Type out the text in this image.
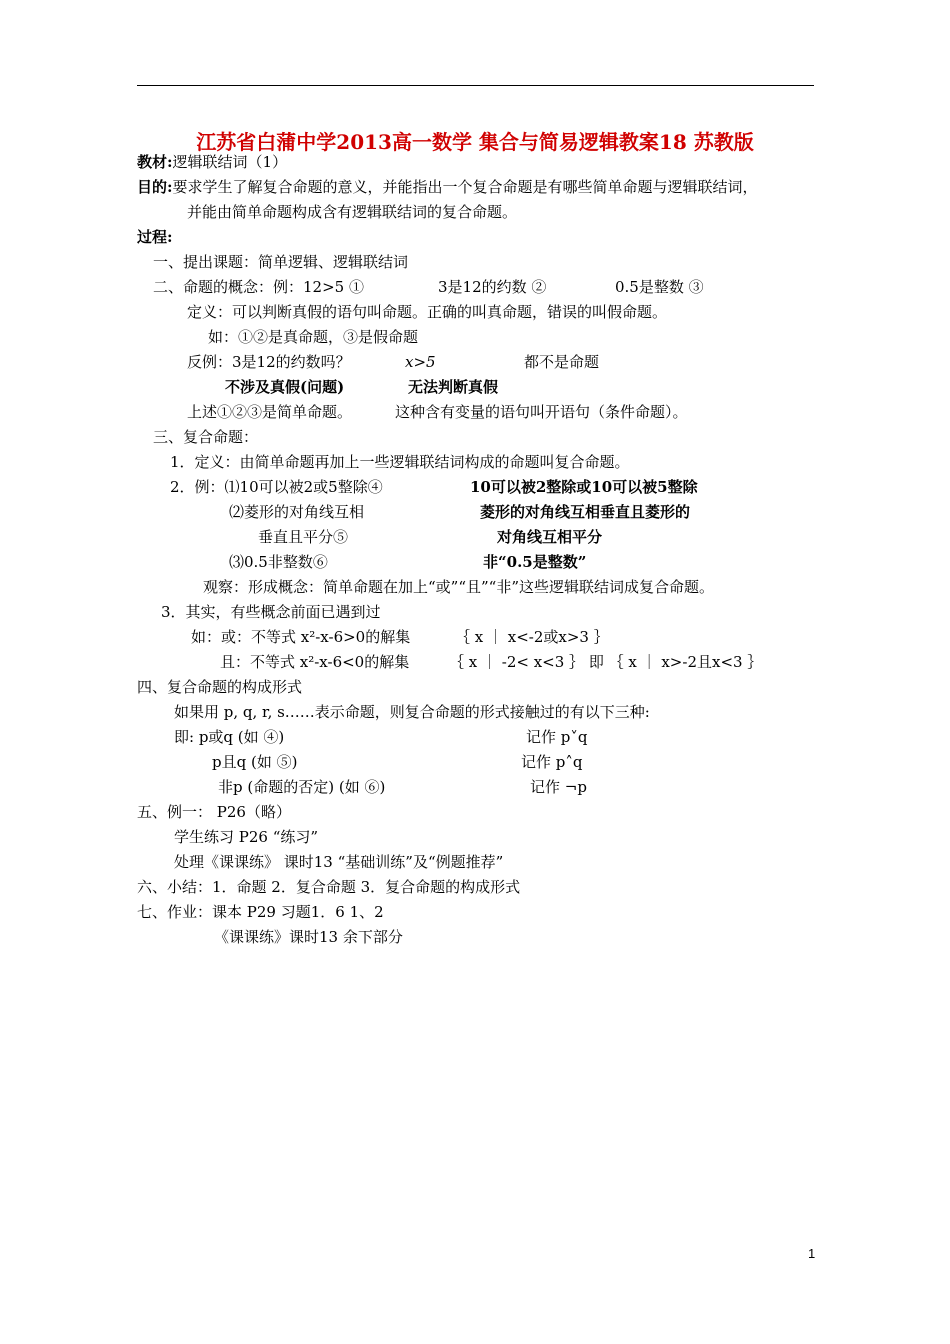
江苏省白蒲中学2013高一数学 集合与简易逻辑教案18 苏教版
教材:逻辑联结词（1）
目的:要求学生了解复合命题的意义，并能指出一个复合命题是有哪些简单命题与逻辑联结词，
并能由简单命题构成含有逻辑联结词的复合命题。
过程:
一、提出课题：简单逻辑、逻辑联结词
二、命题的概念：例：12>5 ①	3是12的约数 ②	0.5是整数 ③
定义：可以判断真假的语句叫命题。正确的叫真命题，错误的叫假命题。
如：①②是真命题，③是假命题
反例：3是12的约数吗？	x>5	都不是命题
不涉及真假(问题)	无法判断真假
上述①②③是简单命题。	这种含有变量的语句叫开语句（条件命题）。
三、复合命题：
1．定义：由简单命题再加上一些逻辑联结词构成的命题叫复合命题。
2．例：⑴10可以被2或5整除④	10可以被2整除或10可以被5整除
⑵菱形的对角线互相	菱形的对角线互相垂直且菱形的
垂直且平分⑤	对角线互相平分
⑶0.5非整数⑥	非“0.5是整数”
观察：形成概念：简单命题在加上“或”“且”“非”这些逻辑联结词成复合命题。
3．其实，有些概念前面已遇到过
如：或：不等式 x²-x-6>0的解集	｛ x ｜ x<-2或x>3 ｝
且：不等式 x²-x-6<0的解集	｛ x ｜ -2< x<3 ｝ 即 ｛ x ｜ x>-2且x<3 ｝
四、复合命题的构成形式
如果用 p, q, r, s……表示命题，则复合命题的形式接触过的有以下三种:
即: p或q (如 ④)	记作 p˅q
p且q (如 ⑤)	记作 p˄q
非p (命题的否定) (如 ⑥)	记作 ¬p
五、例一： P26（略）
学生练习 P26 “练习”
处理《课课练》 课时13 “基础训练”及“例题推荐”
六、小结：1．命题 2．复合命题 3．复合命题的构成形式
七、作业：课本 P29 习题1．6 1、2
《课课练》课时13 余下部分
1
